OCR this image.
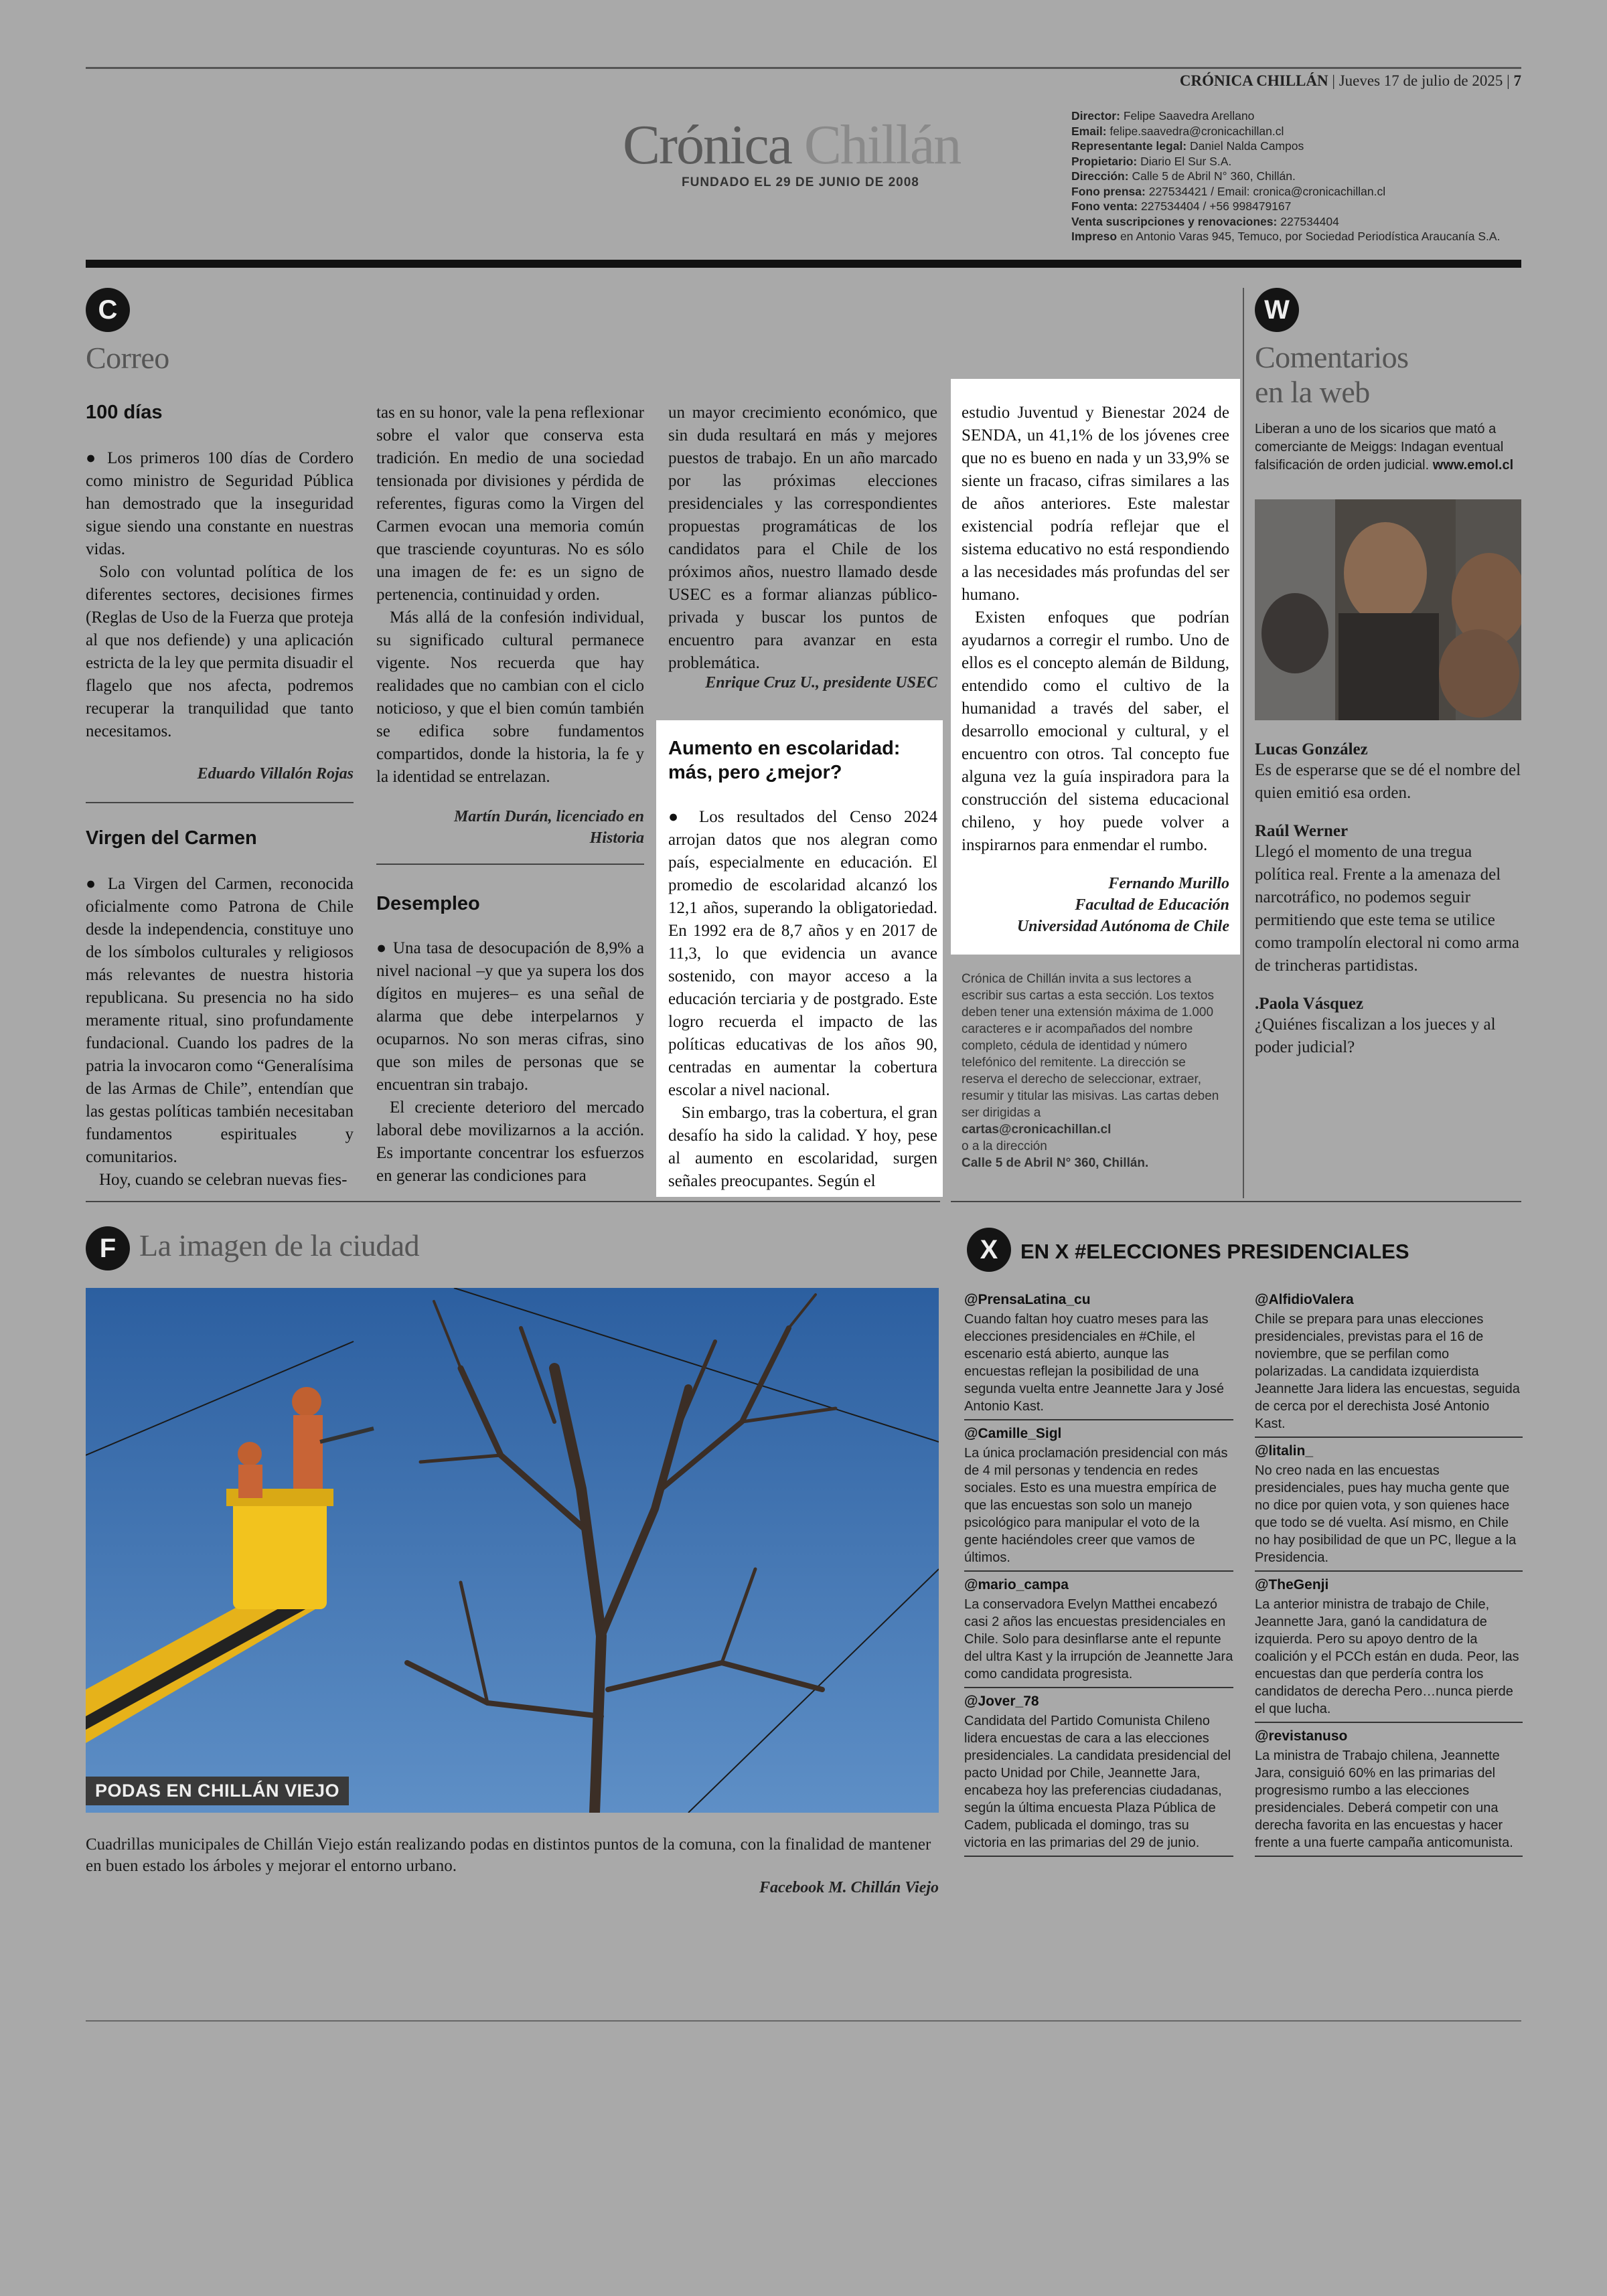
CRÓNICA CHILLÁN | Jueves 17 de julio de 2025 | 7
Crónica Chillán
FUNDADO EL 29 DE JUNIO DE 2008
Director: Felipe Saavedra Arellano
Email: felipe.saavedra@cronicachillan.cl
Representante legal: Daniel Nalda Campos
Propietario: Diario El Sur S.A.
Dirección: Calle 5 de Abril N° 360, Chillán.
Fono prensa: 227534421 / Email: cronica@cronicachillan.cl
Fono venta: 227534404 / +56 998479167
Venta suscripciones y renovaciones: 227534404
Impreso en Antonio Varas 945, Temuco, por Sociedad Periodística Araucanía S.A.
C
Correo
100 días

● Los primeros 100 días de Cordero como ministro de Seguridad Pública han demostrado que la inseguridad sigue siendo una constante en nuestras vidas.

Solo con voluntad política de los diferentes sectores, decisiones firmes (Reglas de Uso de la Fuerza que proteja al que nos defiende) y una aplicación estricta de la ley que permita disuadir el flagelo que nos afecta, podremos recuperar la tranquilidad que tanto necesitamos.

Eduardo Villalón Rojas
Virgen del Carmen

● La Virgen del Carmen, reconocida oficialmente como Patrona de Chile desde la independencia, constituye uno de los símbolos culturales y religiosos más relevantes de nuestra historia republicana. Su presencia no ha sido meramente ritual, sino profundamente fundacional. Cuando los padres de la patria la invocaron como “Generalísima de las Armas de Chile”, entendían que las gestas políticas también necesitaban fundamentos espirituales y comunitarios.

Hoy, cuando se celebran nuevas fies-

tas en su honor, vale la pena reflexionar sobre el valor que conserva esta tradición. En medio de una sociedad tensionada por divisiones y pérdida de referentes, figuras como la Virgen del Carmen evocan una memoria común que trasciende coyunturas. No es sólo una imagen de fe: es un signo de pertenencia, continuidad y orden.

Más allá de la confesión individual, su significado cultural permanece vigente. Nos recuerda que hay realidades que no cambian con el ciclo noticioso, y que el bien común también se edifica sobre fundamentos compartidos, donde la historia, la fe y la identidad se entrelazan.

Martín Durán, licenciado en
Historia
Desempleo

● Una tasa de desocupación de 8,9% a nivel nacional –y que ya supera los dos dígitos en mujeres– es una señal de alarma que debe interpelarnos y ocuparnos. No son meras cifras, sino que son miles de personas que se encuentran sin trabajo.

El creciente deterioro del mercado laboral debe movilizarnos a la acción. Es importante concentrar los esfuerzos en generar las condiciones para

un mayor crecimiento económico, que sin duda resultará en más y mejores puestos de trabajo. En un año marcado por las próximas elecciones presidenciales y las correspondientes propuestas programáticas de los candidatos para el Chile de los próximos años, nuestro llamado desde USEC es a formar alianzas público-privada y buscar los puntos de encuentro para avanzar en esta problemática.

Enrique Cruz U., presidente USEC
Aumento en escolaridad:
más, pero ¿mejor?

● Los resultados del Censo 2024 arrojan datos que nos alegran como país, especialmente en educación. El promedio de escolaridad alcanzó los 12,1 años, superando la obligatoriedad. En 1992 era de 8,7 años y en 2017 de 11,3, lo que evidencia un avance sostenido, con mayor acceso a la educación terciaria y de postgrado. Este logro recuerda el impacto de las políticas educativas de los años 90, centradas en aumentar la cobertura escolar a nivel nacional.

Sin embargo, tras la cobertura, el gran desafío ha sido la calidad. Y hoy, pese al aumento en escolaridad, surgen señales preocupantes. Según el

estudio Juventud y Bienestar 2024 de SENDA, un 41,1% de los jóvenes cree que no es bueno en nada y un 33,9% se siente un fracaso, cifras similares a las de años anteriores. Este malestar existencial podría reflejar que el sistema educativo no está respondiendo a las necesidades más profundas del ser humano.

Existen enfoques que podrían ayudarnos a corregir el rumbo. Uno de ellos es el concepto alemán de Bildung, entendido como el cultivo de la humanidad a través del saber, el desarrollo emocional y cultural, y el encuentro con otros. Tal concepto fue alguna vez la guía inspiradora para la construcción del sistema educacional chileno, y hoy puede volver a inspirarnos para enmendar el rumbo.

Fernando Murillo
Facultad de Educación
Universidad Autónoma de Chile
Crónica de Chillán invita a sus lectores a escribir sus cartas a esta sección. Los textos deben tener una extensión máxima de 1.000 caracteres e ir acompañados del nombre completo, cédula de identidad y número telefónico del remitente. La dirección se reserva el derecho de seleccionar, extraer, resumir y titular las misivas. Las cartas deben ser dirigidas a
cartas@cronicachillan.cl
o a la dirección
Calle 5 de Abril N° 360, Chillán.
W
Comentarios
en la web
Liberan a uno de los sicarios que mató a comerciante de Meiggs: Indagan eventual falsificación de orden judicial. www.emol.cl
Lucas González
Es de esperarse que se dé el nombre del quien emitió esa orden.
Raúl Werner
Llegó el momento de una tregua política real. Frente a la amenaza del narcotráfico, no podemos seguir permitiendo que este tema se utilice como trampolín electoral ni como arma de trincheras partidistas.
.Paola Vásquez
¿Quiénes fiscalizan a los jueces y al poder judicial?
F La imagen de la ciudad
PODAS EN CHILLÁN VIEJO
Cuadrillas municipales de Chillán Viejo están realizando podas en distintos puntos de la comuna, con la finalidad de mantener en buen estado los árboles y mejorar el entorno urbano.
Facebook M. Chillán Viejo
X	EN X #ELECCIONES PRESIDENCIALES
@PrensaLatina_cu
Cuando faltan hoy cuatro meses para las elecciones presidenciales en #Chile, el escenario está abierto, aunque las encuestas reflejan la posibilidad de una segunda vuelta entre Jeannette Jara y José Antonio Kast.
@Camille_Sigl
La única proclamación presidencial con más de 4 mil personas y tendencia en redes sociales. Esto es una muestra empírica de que las encuestas son solo un manejo psicológico para manipular el voto de la gente haciéndoles creer que vamos de últimos.
@mario_campa
La conservadora Evelyn Matthei encabezó casi 2 años las encuestas presidenciales en Chile. Solo para desinflarse ante el repunte del ultra Kast y la irrupción de Jeannette Jara como candidata progresista.
@Jover_78
Candidata del Partido Comunista Chileno lidera encuestas de cara a las elecciones presidenciales. La candidata presidencial del pacto Unidad por Chile, Jeannette Jara, encabeza hoy las preferencias ciudadanas, según la última encuesta Plaza Pública de Cadem, publicada el domingo, tras su victoria en las primarias del 29 de junio.
@AlfidioValera
Chile se prepara para unas elecciones presidenciales, previstas para el 16 de noviembre, que se perfilan como polarizadas. La candidata izquierdista Jeannette Jara lidera las encuestas, seguida de cerca por el derechista José Antonio Kast.
@litalin_
No creo nada en las encuestas presidenciales, pues hay mucha gente que no dice por quien vota, y son quienes hace que todo se dé vuelta. Así mismo, en Chile no hay posibilidad de que un PC, llegue a la Presidencia.
@TheGenji
La anterior ministra de trabajo de Chile, Jeannette Jara, ganó la candidatura de izquierda. Pero su apoyo dentro de la coalición y el PCCh están en duda. Peor, las encuestas dan que perdería contra los candidatos de derecha Pero…nunca pierde el que lucha.
@revistanuso
La ministra de Trabajo chilena, Jeannette Jara, consiguió 60% en las primarias del progresismo rumbo a las elecciones presidenciales. Deberá competir con una derecha favorita en las encuestas y hacer frente a una fuerte campaña anticomunista.
